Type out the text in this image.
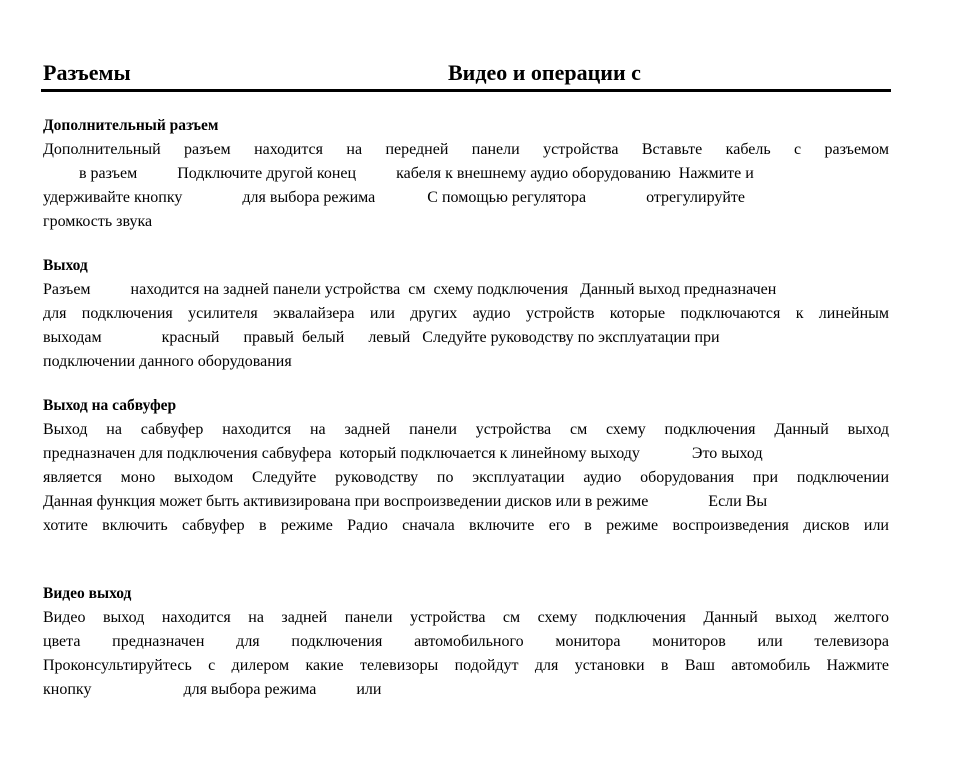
Разъемы	Видео и операции с
Дополнительный разъем
Дополнительный разъем находится на передней панели устройства Вставьте кабель с разъемом
в разъем          Подключите другой конец          кабеля к внешнему аудио оборудованию  Нажмите и
удерживайте кнопку               для выбора режима             С помощью регулятора               отрегулируйте
громкость звука
Выход
Разъем          находится на задней панели устройства  см  схему подключения   Данный выход предназначен
для подключения усилителя эквалайзера или других аудио устройств которые подключаются к линейным
выходам               красный      правый  белый      левый   Следуйте руководству по эксплуатации при
подключении данного оборудования
Выход на сабвуфер
Выход на сабвуфер находится на задней панели устройства см схему подключения Данный выход
предназначен для подключения сабвуфера  который подключается к линейному выходу             Это выход
является моно выходом Следуйте руководству по эксплуатации аудио оборудования при подключении
Данная функция может быть активизирована при воспроизведении дисков или в режиме               Если Вы
хотите включить сабвуфер в режиме Радио сначала включите его в режиме воспроизведения дисков или
Видео выход
Видео выход находится на задней панели устройства см схему подключения Данный выход желтого
цвета предназначен для подключения автомобильного монитора мониторов или телевизора
Проконсультируйтесь с дилером какие телевизоры подойдут для установки в Ваш автомобиль Нажмите
кнопку                       для выбора режима          или
